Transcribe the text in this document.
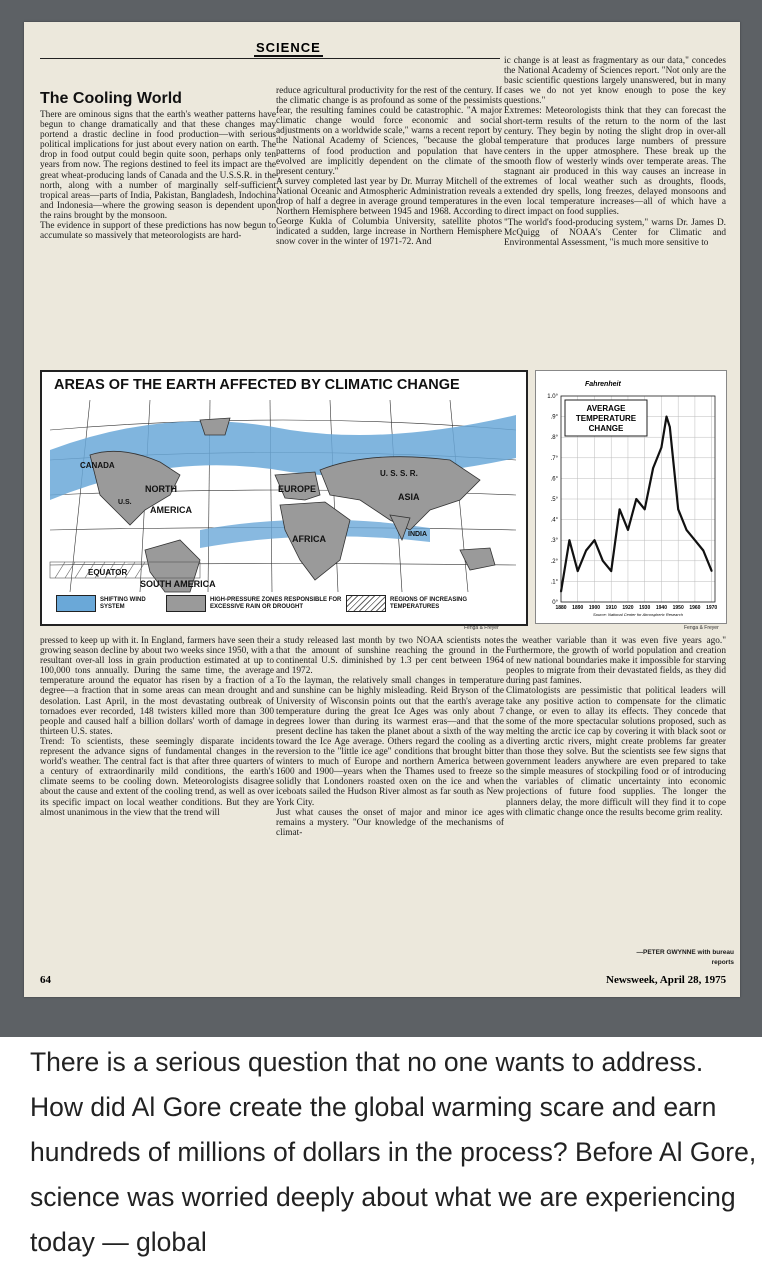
SCIENCE
The Cooling World
There are ominous signs that the earth's weather patterns have begun to change dramatically and that these changes may portend a drastic decline in food production—with serious political implications for just about every nation on earth. The drop in food output could begin quite soon, perhaps only ten years from now. The regions destined to feel its impact are the great wheat-producing lands of Canada and the U.S.S.R. in the north, along with a number of marginally self-sufficient tropical areas—parts of India, Pakistan, Bangladesh, Indochina and Indonesia—where the growing season is dependent upon the rains brought by the monsoon.
The evidence in support of these predictions has now begun to accumulate so massively that meteorologists are hard-
reduce agricultural productivity for the rest of the century. If the climatic change is as profound as some of the pessimists fear, the resulting famines could be catastrophic. "A major climatic change would force economic and social adjustments on a worldwide scale," warns a recent report by the National Academy of Sciences, "because the global patterns of food production and population that have evolved are implicitly dependent on the climate of the present century."
A survey completed last year by Dr. Murray Mitchell of the National Oceanic and Atmospheric Administration reveals a drop of half a degree in average ground temperatures in the Northern Hemisphere between 1945 and 1968. According to George Kukla of Columbia University, satellite photos indicated a sudden, large increase in Northern Hemisphere snow cover in the winter of 1971-72. And
ic change is at least as fragmentary as our data," concedes the National Academy of Sciences report. "Not only are the basic scientific questions largely unanswered, but in many cases we do not yet know enough to pose the key questions."
Extremes: Meteorologists think that they can forecast the short-term results of the return to the norm of the last century. They begin by noting the slight drop in over-all temperature that produces large numbers of pressure centers in the upper atmosphere. These break up the smooth flow of westerly winds over temperate areas. The stagnant air produced in this way causes an increase in extremes of local weather such as droughts, floods, extended dry spells, long freezes, delayed monsoons and even local temperature increases—all of which have a direct impact on food supplies.
"The world's food-producing system," warns Dr. James D. McQuigg of NOAA's Center for Climatic and Environmental Assessment, "is much more sensitive to
pressed to keep up with it. In England, farmers have seen their growing season decline by about two weeks since 1950, with a resultant over-all loss in grain production estimated at up to 100,000 tons annually. During the same time, the average temperature around the equator has risen by a fraction of a degree—a fraction that in some areas can mean drought and desolation. Last April, in the most devastating outbreak of tornadoes ever recorded, 148 twisters killed more than 300 people and caused half a billion dollars' worth of damage in thirteen U.S. states.
Trend: To scientists, these seemingly disparate incidents represent the advance signs of fundamental changes in the world's weather. The central fact is that after three quarters of a century of extraordinarily mild conditions, the earth's climate seems to be cooling down. Meteorologists disagree about the cause and extent of the cooling trend, as well as over its specific impact on local weather conditions. But they are almost unanimous in the view that the trend will
a study released last month by two NOAA scientists notes that the amount of sunshine reaching the ground in the continental U.S. diminished by 1.3 per cent between 1964 and 1972.
To the layman, the relatively small changes in temperature and sunshine can be highly misleading. Reid Bryson of the University of Wisconsin points out that the earth's average temperature during the great Ice Ages was only about 7 degrees lower than during its warmest eras—and that the present decline has taken the planet about a sixth of the way toward the Ice Age average. Others regard the cooling as a reversion to the "little ice age" conditions that brought bitter winters to much of Europe and northern America between 1600 and 1900—years when the Thames used to freeze so solidly that Londoners roasted oxen on the ice and when iceboats sailed the Hudson River almost as far south as New York City.
Just what causes the onset of major and minor ice ages remains a mystery. "Our knowledge of the mechanisms of climat-
the weather variable than it was even five years ago." Furthermore, the growth of world population and creation of new national boundaries make it impossible for starving peoples to migrate from their devastated fields, as they did during past famines.
Climatologists are pessimistic that political leaders will take any positive action to compensate for the climatic change, or even to allay its effects. They concede that some of the more spectacular solutions proposed, such as melting the arctic ice cap by covering it with black soot or diverting arctic rivers, might create problems far greater than those they solve. But the scientists see few signs that government leaders anywhere are even prepared to take the simple measures of stockpiling food or of introducing the variables of climatic uncertainty into economic projections of future food supplies. The longer the planners delay, the more difficult will they find it to cope with climatic change once the results become grim reality.
—PETER GWYNNE with bureau reports
64	Newsweek, April 28, 1975
AREAS OF THE EARTH AFFECTED BY CLIMATIC CHANGE
CANADA
NORTH
U.S.
AMERICA
U. S. S. R.
EUROPE
ASIA
INDIA
AFRICA
EQUATOR
SOUTH AMERICA
SHIFTING WIND SYSTEM
HIGH-PRESSURE ZONES RESPONSIBLE FOR EXCESSIVE RAIN OR DROUGHT
REGIONS OF INCREASING TEMPERATURES
Fenga & Freyer
Fahrenheit
0°
.1°
.2°
.3°
.4°
.5°
.6°
.7°
.8°
.9°
1.0°
1880 1890 1900 1910 1920 1930 1940 1950 1960 1970
AVERAGE
TEMPERATURE
CHANGE
Source: National Center for Atmospheric Research
Fenga & Freyer
There is a serious question that no one wants to address. How did Al Gore create the global warming scare and earn hundreds of millions of dollars in the process? Before Al Gore, science was worried deeply about what we are experiencing today — global
